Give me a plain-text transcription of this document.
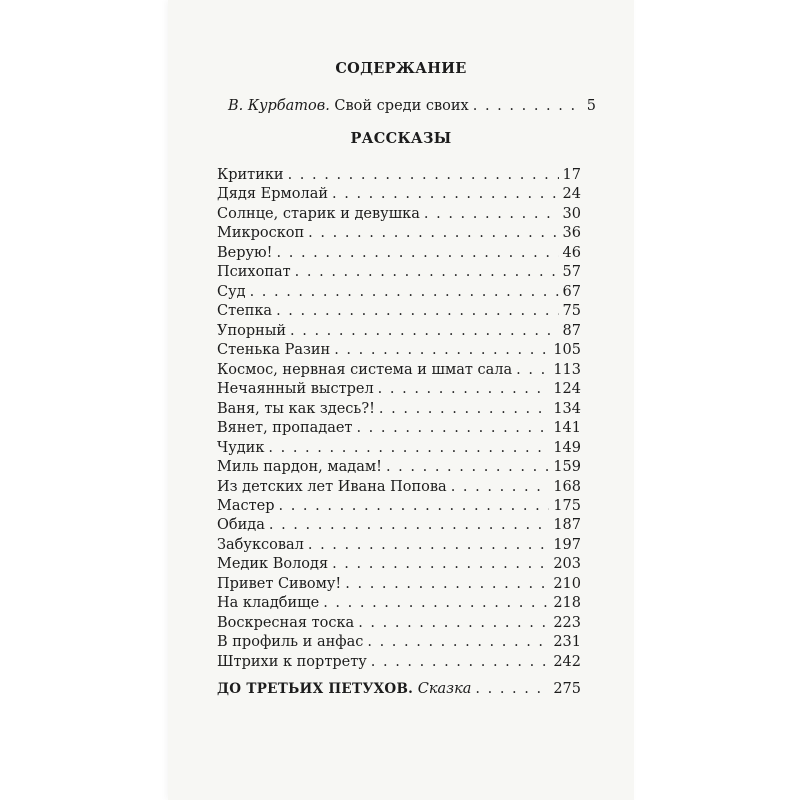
СОДЕРЖАНИЕ
В. Курбатов. Свой среди своих . . .	5
РАССКАЗЫ
Критики . . .	17
Дядя Ермолай . . .	24
Солнце, старик и девушка . . .	30
Микроскоп . . .	36
Верую! . . .	46
Психопат . . .	57
Суд . . .	67
Степка . . .	75
Упорный . . .	87
Стенька Разин . . .	105
Космос, нервная система и шмат сала . . .	113
Нечаянный выстрел . . .	124
Ваня, ты как здесь?! . . .	134
Вянет, пропадает . . .	141
Чудик . . .	149
Миль пардон, мадам! . . .	159
Из детских лет Ивана Попова . . .	168
Мастер . . .	175
Обида . . .	187
Забуксовал . . .	197
Медик Володя . . .	203
Привет Сивому! . . .	210
На кладбище . . .	218
Воскресная тоска . . .	223
В профиль и анфас . . .	231
Штрихи к портрету . . .	242
ДО ТРЕТЬИХ ПЕТУХОВ. Сказка . . .	275
